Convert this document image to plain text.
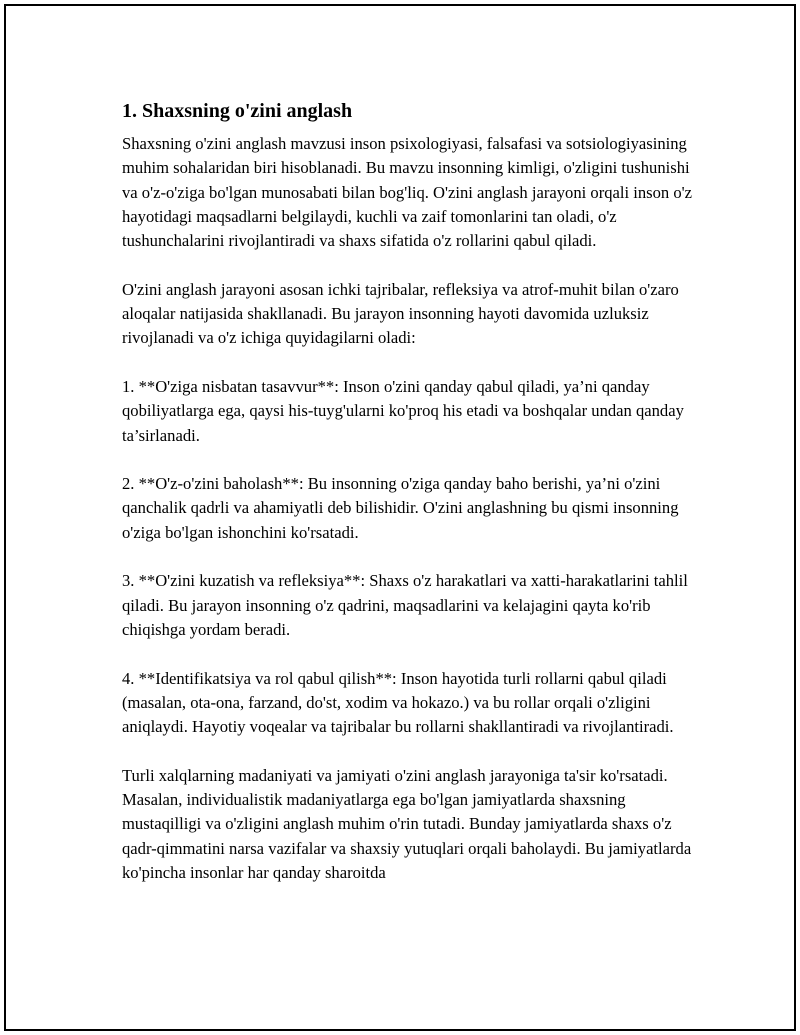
1. Shaxsning o'zini anglash

Shaxsning o'zini anglash mavzusi inson psixologiyasi, falsafasi va sotsiologiyasining muhim sohalaridan biri hisoblanadi. Bu mavzu insonning kimligi, o'zligini tushunishi va o'z-o'ziga bo'lgan munosabati bilan bog'liq. O'zini anglash jarayoni orqali inson o'z hayotidagi maqsadlarni belgilaydi, kuchli va zaif tomonlarini tan oladi, o'z tushunchalarini rivojlantiradi va shaxs sifatida o'z rollarini qabul qiladi.

O'zini anglash jarayoni asosan ichki tajribalar, refleksiya va atrof-muhit bilan o'zaro aloqalar natijasida shakllanadi. Bu jarayon insonning hayoti davomida uzluksiz rivojlanadi va o'z ichiga quyidagilarni oladi:

1. **O'ziga nisbatan tasavvur**: Inson o'zini qanday qabul qiladi, ya’ni qanday qobiliyatlarga ega, qaysi his-tuyg'ularni ko'proq his etadi va boshqalar undan qanday ta’sirlanadi.

2. **O'z-o'zini baholash**: Bu insonning o'ziga qanday baho berishi, ya’ni o'zini qanchalik qadrli va ahamiyatli deb bilishidir. O'zini anglashning bu qismi insonning o'ziga bo'lgan ishonchini ko'rsatadi.

3. **O'zini kuzatish va refleksiya**: Shaxs o'z harakatlari va xatti-harakatlarini tahlil qiladi. Bu jarayon insonning o'z qadrini, maqsadlarini va kelajagini qayta ko'rib chiqishga yordam beradi.

4. **Identifikatsiya va rol qabul qilish**: Inson hayotida turli rollarni qabul qiladi (masalan, ota-ona, farzand, do'st, xodim va hokazo.) va bu rollar orqali o'zligini aniqlaydi. Hayotiy voqealar va tajribalar bu rollarni shakllantiradi va rivojlantiradi.

Turli xalqlarning madaniyati va jamiyati o'zini anglash jarayoniga ta'sir ko'rsatadi. Masalan, individualistik madaniyatlarga ega bo'lgan jamiyatlarda shaxsning mustaqilligi va o'zligini anglash muhim o'rin tutadi. Bunday jamiyatlarda shaxs o'z qadr-qimmatini narsa vazifalar va shaxsiy yutuqlari orqali baholaydi. Bu jamiyatlarda ko'pincha insonlar har qanday sharoitda
